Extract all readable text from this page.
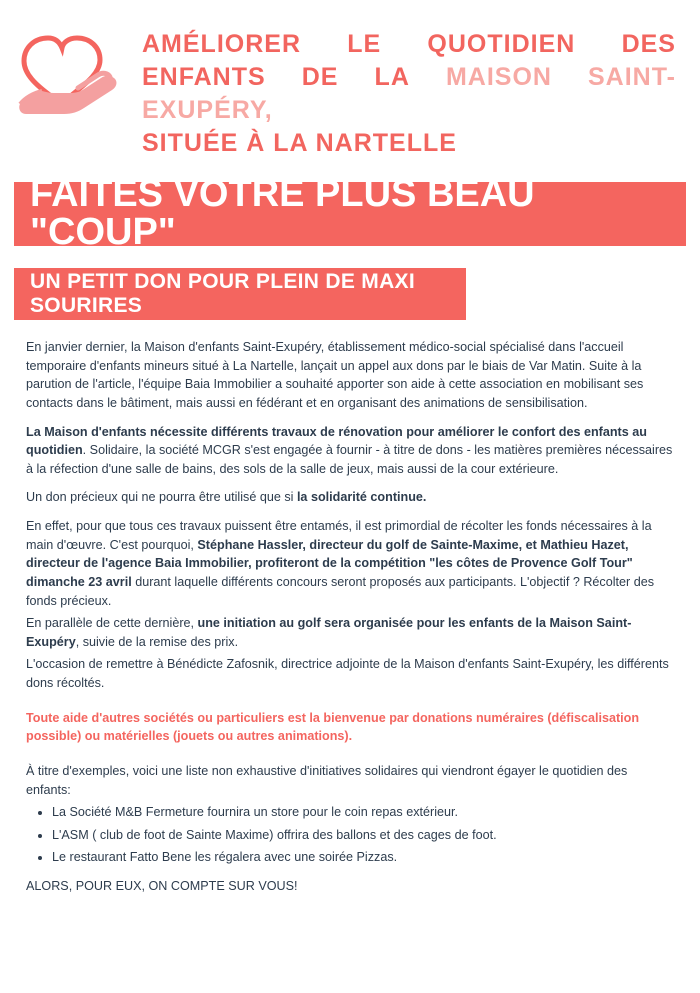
AMÉLIORER LE QUOTIDIEN DES
ENFANTS DE LA MAISON SAINT-
EXUPÉRY,
SITUÉE À LA NARTELLE
FAITES VOTRE PLUS BEAU "COUP"
UN PETIT DON POUR PLEIN DE MAXI SOURIRES

En janvier dernier, la Maison d'enfants Saint-Exupéry, établissement médico-social spécialisé dans l'accueil temporaire d'enfants mineurs situé à La Nartelle, lançait un appel aux dons par le biais de Var Matin. Suite à la parution de l'article, l'équipe Baia Immobilier a souhaité apporter son aide à cette association en mobilisant ses contacts dans le bâtiment, mais aussi en fédérant et en organisant des animations de sensibilisation.

La Maison d'enfants nécessite différents travaux de rénovation pour améliorer le confort des enfants au quotidien. Solidaire, la société MCGR s'est engagée à fournir - à titre de dons - les matières premières nécessaires à la réfection d'une salle de bains, des sols de la salle de jeux, mais aussi de la cour extérieure.

Un don précieux qui ne pourra être utilisé que si la solidarité continue.

En effet, pour que tous ces travaux puissent être entamés, il est primordial de récolter les fonds nécessaires à la main d'œuvre. C'est pourquoi, Stéphane Hassler, directeur du golf de Sainte-Maxime, et Mathieu Hazet, directeur de l'agence Baia Immobilier, profiteront de la compétition "les côtes de Provence Golf Tour" dimanche 23 avril durant laquelle différents concours seront proposés aux participants. L'objectif ? Récolter des fonds précieux.

En parallèle de cette dernière, une initiation au golf sera organisée pour les enfants de la Maison Saint-Exupéry, suivie de la remise des prix.

L'occasion de remettre à Bénédicte Zafosnik, directrice adjointe de la Maison d'enfants Saint-Exupéry, les différents dons récoltés.

Toute aide d'autres sociétés ou particuliers est la bienvenue par donations numéraires (défiscalisation possible) ou matérielles (jouets ou autres animations).

À titre d'exemples, voici une liste non exhaustive d'initiatives solidaires qui viendront égayer le quotidien des enfants:

• La Société M&B Fermeture fournira un store pour le coin repas extérieur.
• L'ASM ( club de foot de Sainte Maxime) offrira des ballons et des cages de foot.
• Le restaurant Fatto Bene les régalera avec une soirée Pizzas.

ALORS, POUR EUX, ON COMPTE SUR VOUS!
